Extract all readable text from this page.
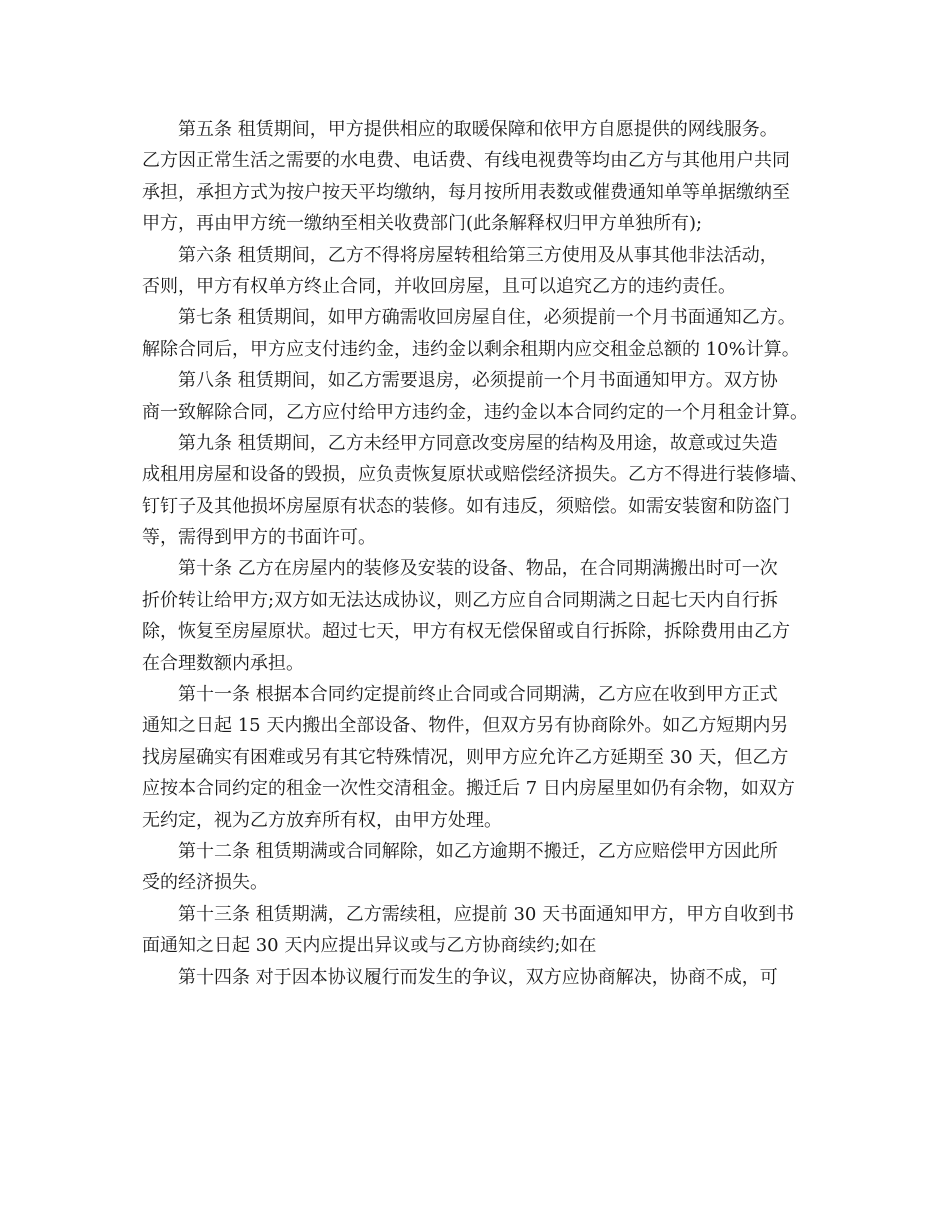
第五条 租赁期间，甲方提供相应的取暖保障和依甲方自愿提供的网线服务。
乙方因正常生活之需要的水电费、电话费、有线电视费等均由乙方与其他用户共同
承担，承担方式为按户按天平均缴纳，每月按所用表数或催费通知单等单据缴纳至
甲方，再由甲方统一缴纳至相关收费部门(此条解释权归甲方单独所有);
第六条 租赁期间，乙方不得将房屋转租给第三方使用及从事其他非法活动，
否则，甲方有权单方终止合同，并收回房屋，且可以追究乙方的违约责任。
第七条 租赁期间，如甲方确需收回房屋自住，必须提前一个月书面通知乙方。
解除合同后，甲方应支付违约金，违约金以剩余租期内应交租金总额的 10%计算。
第八条 租赁期间，如乙方需要退房，必须提前一个月书面通知甲方。双方协
商一致解除合同，乙方应付给甲方违约金，违约金以本合同约定的一个月租金计算。
第九条 租赁期间，乙方未经甲方同意改变房屋的结构及用途，故意或过失造
成租用房屋和设备的毁损，应负责恢复原状或赔偿经济损失。乙方不得进行装修墙、
钉钉子及其他损坏房屋原有状态的装修。如有违反，须赔偿。如需安装窗和防盗门
等，需得到甲方的书面许可。
第十条 乙方在房屋内的装修及安装的设备、物品，在合同期满搬出时可一次
折价转让给甲方;双方如无法达成协议，则乙方应自合同期满之日起七天内自行拆
除，恢复至房屋原状。超过七天，甲方有权无偿保留或自行拆除，拆除费用由乙方
在合理数额内承担。
第十一条 根据本合同约定提前终止合同或合同期满，乙方应在收到甲方正式
通知之日起 15 天内搬出全部设备、物件，但双方另有协商除外。如乙方短期内另
找房屋确实有困难或另有其它特殊情况，则甲方应允许乙方延期至 30 天，但乙方
应按本合同约定的租金一次性交清租金。搬迁后 7 日内房屋里如仍有余物，如双方
无约定，视为乙方放弃所有权，由甲方处理。
第十二条 租赁期满或合同解除，如乙方逾期不搬迁，乙方应赔偿甲方因此所
受的经济损失。
第十三条 租赁期满，乙方需续租，应提前 30 天书面通知甲方，甲方自收到书
面通知之日起 30 天内应提出异议或与乙方协商续约;如在
第十四条 对于因本协议履行而发生的争议，双方应协商解决，协商不成，可
